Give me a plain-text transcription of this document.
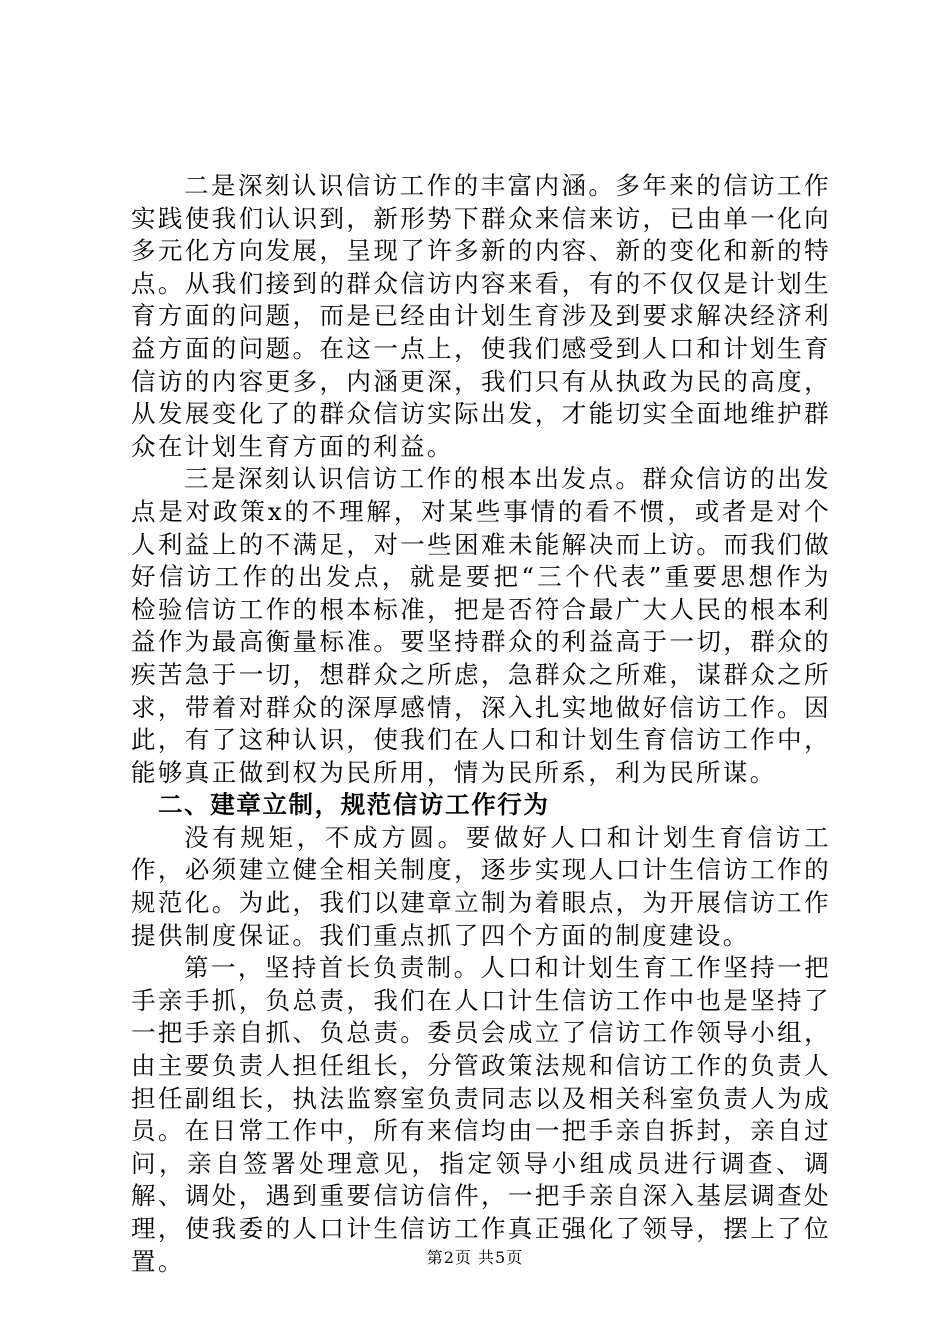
二是深刻认识信访工作的丰富内涵。多年来的信访工作实践使我们认识到，新形势下群众来信来访，已由单一化向多元化方向发展，呈现了许多新的内容、新的变化和新的特点。从我们接到的群众信访内容来看，有的不仅仅是计划生育方面的问题，而是已经由计划生育涉及到要求解决经济利益方面的问题。在这一点上，使我们感受到人口和计划生育信访的内容更多，内涵更深，我们只有从执政为民的高度，从发展变化了的群众信访实际出发，才能切实全面地维护群众在计划生育方面的利益。

三是深刻认识信访工作的根本出发点。群众信访的出发点是对政策x的不理解，对某些事情的看不惯，或者是对个人利益上的不满足，对一些困难未能解决而上访。而我们做好信访工作的出发点，就是要把“三个代表”重要思想作为检验信访工作的根本标准，把是否符合最广大人民的根本利益作为最高衡量标准。要坚持群众的利益高于一切，群众的疾苦急于一切，想群众之所虑，急群众之所难，谋群众之所求，带着对群众的深厚感情，深入扎实地做好信访工作。因此，有了这种认识，使我们在人口和计划生育信访工作中，能够真正做到权为民所用，情为民所系，利为民所谋。

二、建章立制，规范信访工作行为

没有规矩，不成方圆。要做好人口和计划生育信访工作，必须建立健全相关制度，逐步实现人口计生信访工作的规范化。为此，我们以建章立制为着眼点，为开展信访工作提供制度保证。我们重点抓了四个方面的制度建设。

第一，坚持首长负责制。人口和计划生育工作坚持一把手亲手抓，负总责，我们在人口计生信访工作中也是坚持了一把手亲自抓、负总责。委员会成立了信访工作领导小组，由主要负责人担任组长，分管政策法规和信访工作的负责人担任副组长，执法监察室负责同志以及相关科室负责人为成员。在日常工作中，所有来信均由一把手亲自拆封，亲自过问，亲自签署处理意见，指定领导小组成员进行调查、调解、调处，遇到重要信访信件，一把手亲自深入基层调查处理，使我委的人口计生信访工作真正强化了领导，摆上了位置。	第2页 共5页
